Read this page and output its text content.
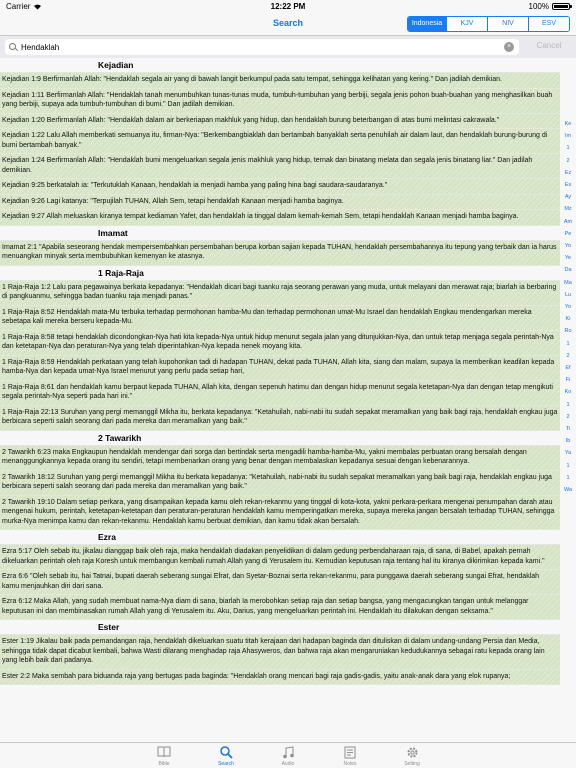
Carrier	12:22 PM	100%
Search	Indonesia	KJV	NIV	ESV
Hendaklah
×	Cancel
Kejadian
Kejadian 1:9 Berfirmanlah Allah: "Hendaklah segala air yang di bawah langit berkumpul pada satu tempat, sehingga kelihatan yang kering." Dan jadilah demikian.
Kejadian 1:11 Berfirmanlah Allah: "Hendaklah tanah menumbuhkan tunas-tunas muda, tumbuh-tumbuhan yang berbiji, segala jenis pohon buah-buahan yang menghasilkan buah yang berbiji, supaya ada tumbuh-tumbuhan di bumi." Dan jadilah demikian.
Kejadian 1:20 Berfirmanlah Allah: "Hendaklah dalam air berkeriapan makhluk yang hidup, dan hendaklah burung beterbangan di atas bumi melintasi cakrawala."
Kejadian 1:22 Lalu Allah memberkati semuanya itu, firman-Nya: "Berkembangbiaklah dan bertambah banyaklah serta penuhilah air dalam laut, dan hendaklah burung-burung di bumi bertambah banyak."
Kejadian 1:24 Berfirmanlah Allah: "Hendaklah bumi mengeluarkan segala jenis makhluk yang hidup, ternak dan binatang melata dan segala jenis binatang liar." Dan jadilah demikian.
Kejadian 9:25 berkatalah ia: "Terkutuklah Kanaan, hendaklah ia menjadi hamba yang paling hina bagi saudara-saudaranya."
Kejadian 9:26 Lagi katanya: "Terpujilah TUHAN, Allah Sem, tetapi hendaklah Kanaan menjadi hamba baginya.
Kejadian 9:27 Allah meluaskan kiranya tempat kediaman Yafet, dan hendaklah ia tinggal dalam kemah-kemah Sem, tetapi hendaklah Kanaan menjadi hamba baginya.
Imamat
Imamat 2:1 "Apabila seseorang hendak mempersembahkan persembahan berupa korban sajian kepada TUHAN, hendaklah persembahannya itu tepung yang terbaik dan ia harus menuangkan minyak serta membubuhkan kemenyan ke atasnya.
1 Raja-Raja
1 Raja-Raja 1:2 Lalu para pegawainya berkata kepadanya: "Hendaklah dicari bagi tuanku raja seorang perawan yang muda, untuk melayani dan merawat raja; biarlah ia berbaring di pangkuanmu, sehingga badan tuanku raja menjadi panas."
1 Raja-Raja 8:52 Hendaklah mata-Mu terbuka terhadap permohonan hamba-Mu dan terhadap permohonan umat-Mu Israel dan hendaklah Engkau mendengarkan mereka sebetapa kali mereka berseru kepada-Mu.
1 Raja-Raja 8:58 tetapi hendaklah dicondongkan-Nya hati kita kepada-Nya untuk hidup menurut segala jalan yang ditunjukkan-Nya, dan untuk tetap menjaga segala perintah-Nya dan ketetapan-Nya dan peraturan-Nya yang telah diperintahkan-Nya kepada nenek moyang kita.
1 Raja-Raja 8:59 Hendaklah perkataan yang telah kupohonkan tadi di hadapan TUHAN, dekat pada TUHAN, Allah kita, siang dan malam, supaya Ia memberikan keadilan kepada hamba-Nya dan kepada umat-Nya Israel menurut yang perlu pada setiap hari,
1 Raja-Raja 8:61 dan hendaklah kamu berpaut kepada TUHAN, Allah kita, dengan sepenuh hatimu dan dengan hidup menurut segala ketetapan-Nya dan dengan tetap mengikuti segala perintah-Nya seperti pada hari ini."
1 Raja-Raja 22:13 Suruhan yang pergi memanggil Mikha itu, berkata kepadanya: "Ketahuilah, nabi-nabi itu sudah sepakat meramalkan yang baik bagi raja, hendaklah engkau juga berbicara seperti salah seorang dari pada mereka dan meramalkan yang baik."
2 Tawarikh
2 Tawarikh 6:23 maka Engkaupun hendaklah mendengar dari sorga dan bertindak serta mengadili hamba-hamba-Mu, yakni membalas perbuatan orang bersalah dengan menanggungkannya kepada orang itu sendiri, tetapi membenarkan orang yang benar dengan membalaskan kepadanya sesuai dengan kebenarannya.
2 Tawarikh 18:12 Suruhan yang pergi memanggil Mikha itu berkata kepadanya: "Ketahuilah, nabi-nabi itu sudah sepakat meramalkan yang baik bagi raja, hendaklah engkau juga berbicara seperti salah seorang dari pada mereka dan meramalkan yang baik."
2 Tawarikh 19:10 Dalam setiap perkara, yang disampaikan kepada kamu oleh rekan-rekanmu yang tinggal di kota-kota, yakni perkara-perkara mengenai penumpahan darah atau mengenai hukum, perintah, ketetapan-ketetapan dan peraturan-peraturan hendaklah kamu memperingatkan mereka, supaya mereka jangan bersalah terhadap TUHAN, sehingga murka-Nya menimpa kamu dan rekan-rekanmu. Hendaklah kamu berbuat demikian, dan kamu tidak akan bersalah.
Ezra
Ezra 5:17 Oleh sebab itu, jikalau dianggap baik oleh raja, maka hendaklah diadakan penyelidikan di dalam gedung perbendaharaan raja, di sana, di Babel, apakah pernah dikeluarkan perintah oleh raja Koresh untuk membangun kembali rumah Allah yang di Yerusalem itu. Kemudian keputusan raja tentang hal itu kiranya dikirimkan kepada kami."
Ezra 6:6 "Oleh sebab itu, hai Tatnai, bupati daerah seberang sungai Efrat, dan Syetar-Boznai serta rekan-rekanmu, para punggawa daerah seberang sungai Efrat, hendaklah kamu menjauhkan diri dari sana.
Ezra 6:12 Maka Allah, yang sudah membuat nama-Nya diam di sana, biarlah Ia merobohkan setiap raja dan setiap bangsa, yang mengacungkan tangan untuk melanggar keputusan ini dan membinasakan rumah Allah yang di Yerusalem itu. Aku, Darius, yang mengeluarkan perintah ini. Hendaklah itu dilakukan dengan seksama."
Ester
Ester 1:19 Jikalau baik pada pemandangan raja, hendaklah dikeluarkan suatu titah kerajaan dari hadapan baginda dan dituliskan di dalam undang-undang Persia dan Media, sehingga tidak dapat dicabut kembali, bahwa Wasti dilarang menghadap raja Ahasyweros, dan bahwa raja akan mengaruniakan kedudukannya sebagai ratu kepada orang lain yang lebih baik dari padanya.
Ester 2:2 Maka sembah para biduanda raja yang bertugas pada baginda: "Hendaklah orang mencari bagi raja gadis-gadis, yaitu anak-anak dara yang elok rupanya;
Ke
Im
1
2
Ez
Es
Ay
Mz
Am
Pe
Yo
Ye
Da
Ma
Lu
Yo
Ki
Ro
1
2
Ef
Fi
Ko
1
2
Ti
Ib
Ya
1
1
Wa
Bible	Search	Audio	Notes	Setting
